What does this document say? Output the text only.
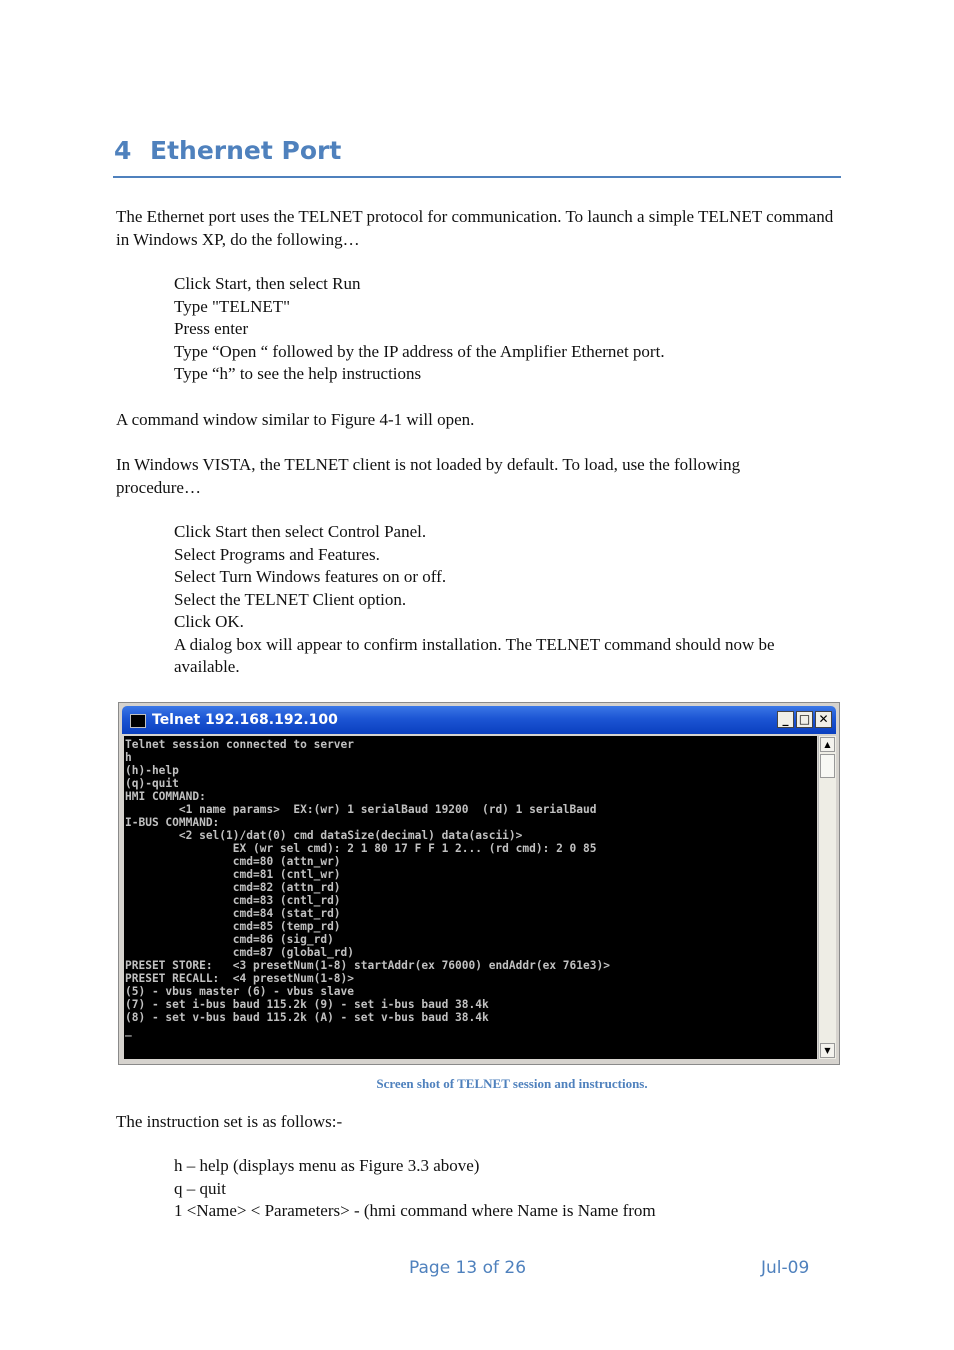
4 Ethernet Port
The Ethernet port uses the TELNET protocol for communication. To launch a simple TELNET command in Windows XP, do the following…
Click Start, then select Run
Type "TELNET"
Press enter
Type “Open “ followed by the IP address of the Amplifier Ethernet port.
Type “h” to see the help instructions
A command window similar to Figure 4-1 will open.
In Windows VISTA, the TELNET client is not loaded by default. To load, use the following procedure…
Click Start then select Control Panel.
Select Programs and Features.
Select Turn Windows features on or off.
Select the TELNET Client option.
Click OK.
A dialog box will appear to confirm installation. The TELNET command should now be available.
Telnet 192.168.192.100	_ □ ✕
Telnet session connected to server
h
(h)-help
(q)-quit
HMI COMMAND:
<1 name params>  EX:(wr) 1 serialBaud 19200  (rd) 1 serialBaud
I-BUS COMMAND:
<2 sel(1)/dat(0) cmd dataSize(decimal) data(ascii)>
EX (wr sel cmd): 2 1 80 17 F F 1 2... (rd cmd): 2 0 85
cmd=80 (attn_wr)
cmd=81 (cntl_wr)
cmd=82 (attn_rd)
cmd=83 (cntl_rd)
cmd=84 (stat_rd)
cmd=85 (temp_rd)
cmd=86 (sig_rd)
cmd=87 (global_rd)
PRESET STORE:   <3 presetNum(1-8) startAddr(ex 76000) endAddr(ex 761e3)>
PRESET RECALL:  <4 presetNum(1-8)>
(5) - vbus master (6) - vbus slave
(7) - set i-bus baud 115.2k (9) - set i-bus baud 38.4k
(8) - set v-bus baud 115.2k (A) - set v-bus baud 38.4k
_

▲
▼
Screen shot of TELNET session and instructions.
The instruction set is as follows:-
h – help (displays menu as Figure 3.3 above)
q – quit
1 <Name> < Parameters> - (hmi command where Name is Name from
Page 13 of 26	Jul-09
